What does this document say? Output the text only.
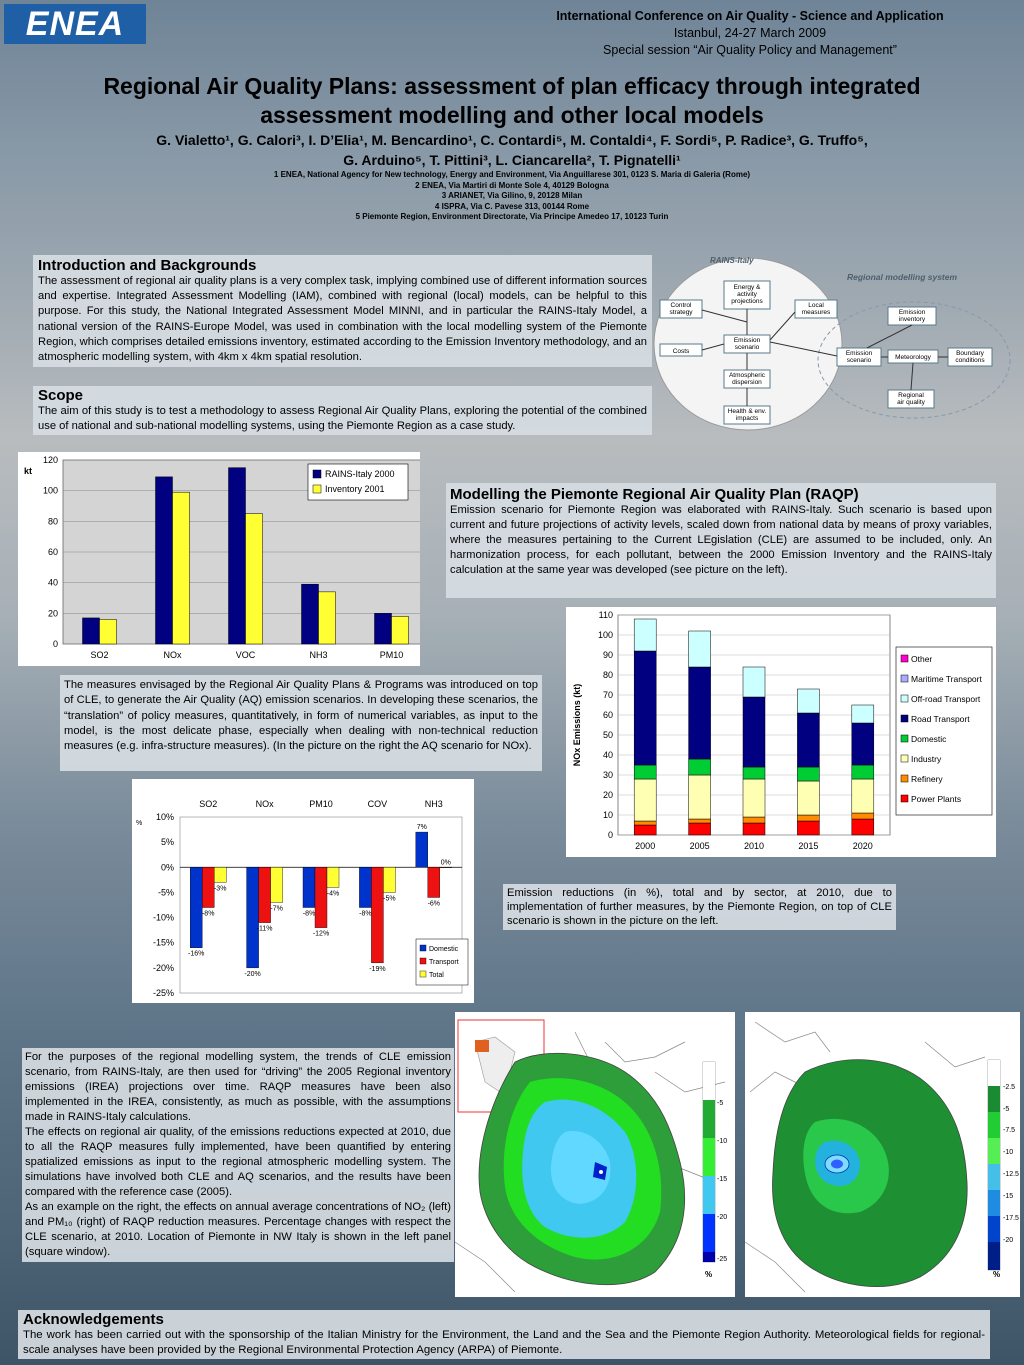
ENEA	International Conference on Air Quality - Science and Application
Istanbul, 24-27 March 2009
Special session “Air Quality Policy and Management”
Regional Air Quality Plans: assessment of plan efficacy through integrated
assessment modelling and other local models
G. Vialetto¹, G. Calori³, I. D’Elia¹, M. Bencardino¹, C. Contardi⁵, M. Contaldi⁴, F. Sordi⁵, P. Radice³, G. Truffo⁵,
G. Arduino⁵, T. Pittini³, L. Ciancarella², T. Pignatelli¹
1 ENEA, National Agency for New technology, Energy and Environment, Via Anguillarese 301, 0123 S. Maria di Galeria (Rome)
2 ENEA, Via Martiri di Monte Sole 4, 40129 Bologna
3 ARIANET, Via Gilino, 9, 20128 Milan
4 ISPRA, Via C. Pavese 313, 00144 Rome
5 Piemonte Region, Environment Directorate, Via Principe Amedeo 17, 10123 Turin
Introduction and Backgrounds
The assessment of regional air quality plans is a very complex task, implying combined use of different information sources and expertise. Integrated Assessment Modelling (IAM), combined with regional (local) models, can be helpful to this purpose. For this study, the National Integrated Assessment Model MINNI, and in particular the RAINS-Italy Model, a national version of the RAINS-Europe Model, was used in combination with the local modelling system of the Piemonte Region, which comprises detailed emissions inventory, estimated according to the Emission Inventory methodology, and an atmospheric modelling system, with 4km x 4km spatial resolution.
Scope
The aim of this study is to test a methodology to assess Regional Air Quality Plans, exploring the potential of the combined use of national and sub-national modelling systems, using the Piemonte Region as a case study.
RAINS-Italy
Regional modelling system
Energy &
activity
projections
Control
strategy
Costs
Emission
scenario
Atmospheric
dispersion
Health & env.
impacts
Local
measures	Emission
inventory
Emission
scenario	Meteorology
Boundary
conditions
Regional
air quality
0
20
40
60
80
100
120
kt
SO2	NOx	VOC	NH3	PM10
RAINS-Italy 2000
Inventory 2001	Modelling the Piemonte Regional Air Quality Plan (RAQP)
Emission scenario for Piemonte Region was elaborated with RAINS-Italy. Such scenario is based upon current and future projections of activity levels, scaled down from national data by means of proxy variables, where the measures pertaining to the Current LEgislation (CLE) are assumed to be included, only. An harmonization process, for each pollutant, between the 2000 Emission Inventory and the RAINS-Italy calculation at the same year was developed (see picture on the left).
0
10
20
30
40
50
60
70
80
90
100
110
NOx Emissions (kt)
2000	2005	2010	2015	2020
Other
Maritime Transport
Off-road Transport
Road Transport
Domestic
Industry
Refinery
Power Plants
The measures envisaged by the Regional Air Quality Plans & Programs was introduced on top of CLE, to generate the Air Quality (AQ) emission scenarios. In developing these scenarios, the “translation” of policy measures, quantitatively, in form of numerical variables, as input to the model, is the most delicate phase, especially when dealing with non-technical reduction measures (e.g. infra-structure measures). (In the picture on the right the AQ scenario for NOx).
10%
5%
0%
-5%
-10%
-15%
-20%
-25%
%
SO2
-16%
-8%
-3%
NOx
-20%
-11%
-7%
PM10
-8%
-12%
-4%
COV
-8%
-19%
-5%
NH3
7%
-6%
0%
Domestic
Transport
Total
Emission reductions (in %), total and by sector, at 2010, due to implementation of further measures, by the Piemonte Region, on top of CLE scenario is shown in the picture on the left.
-5
-10
-15
-20
-25
%
-2.5
-5
-7.5
-10
-12.5
-15
-17.5
-20
%
For the purposes of the regional modelling system, the trends of CLE emission scenario, from RAINS-Italy, are then used for “driving” the 2005 Regional inventory emissions (IREA) projections over time. RAQP measures have been also implemented in the IREA, consistently, as much as possible, with the assumptions made in RAINS-Italy calculations.
The effects on regional air quality, of the emissions reductions expected at 2010, due to all the RAQP measures fully implemented, have been quantified by entering spatialized emissions as input to the regional atmospheric modelling system. The simulations have involved both CLE and AQ scenarios, and the results have been compared with the reference case (2005).
As an example on the right, the effects on annual average concentrations of NO₂ (left) and PM₁₀ (right) of RAQP reduction measures. Percentage changes with respect the CLE scenario, at 2010. Location of Piemonte in NW Italy is shown in the left panel (square window).
Acknowledgements
The work has been carried out with the sponsorship of the Italian Ministry for the Environment, the Land and the Sea and the Piemonte Region Authority. Meteorological fields for regional-scale analyses have been provided by the Regional Environmental Protection Agency (ARPA) of Piemonte.
